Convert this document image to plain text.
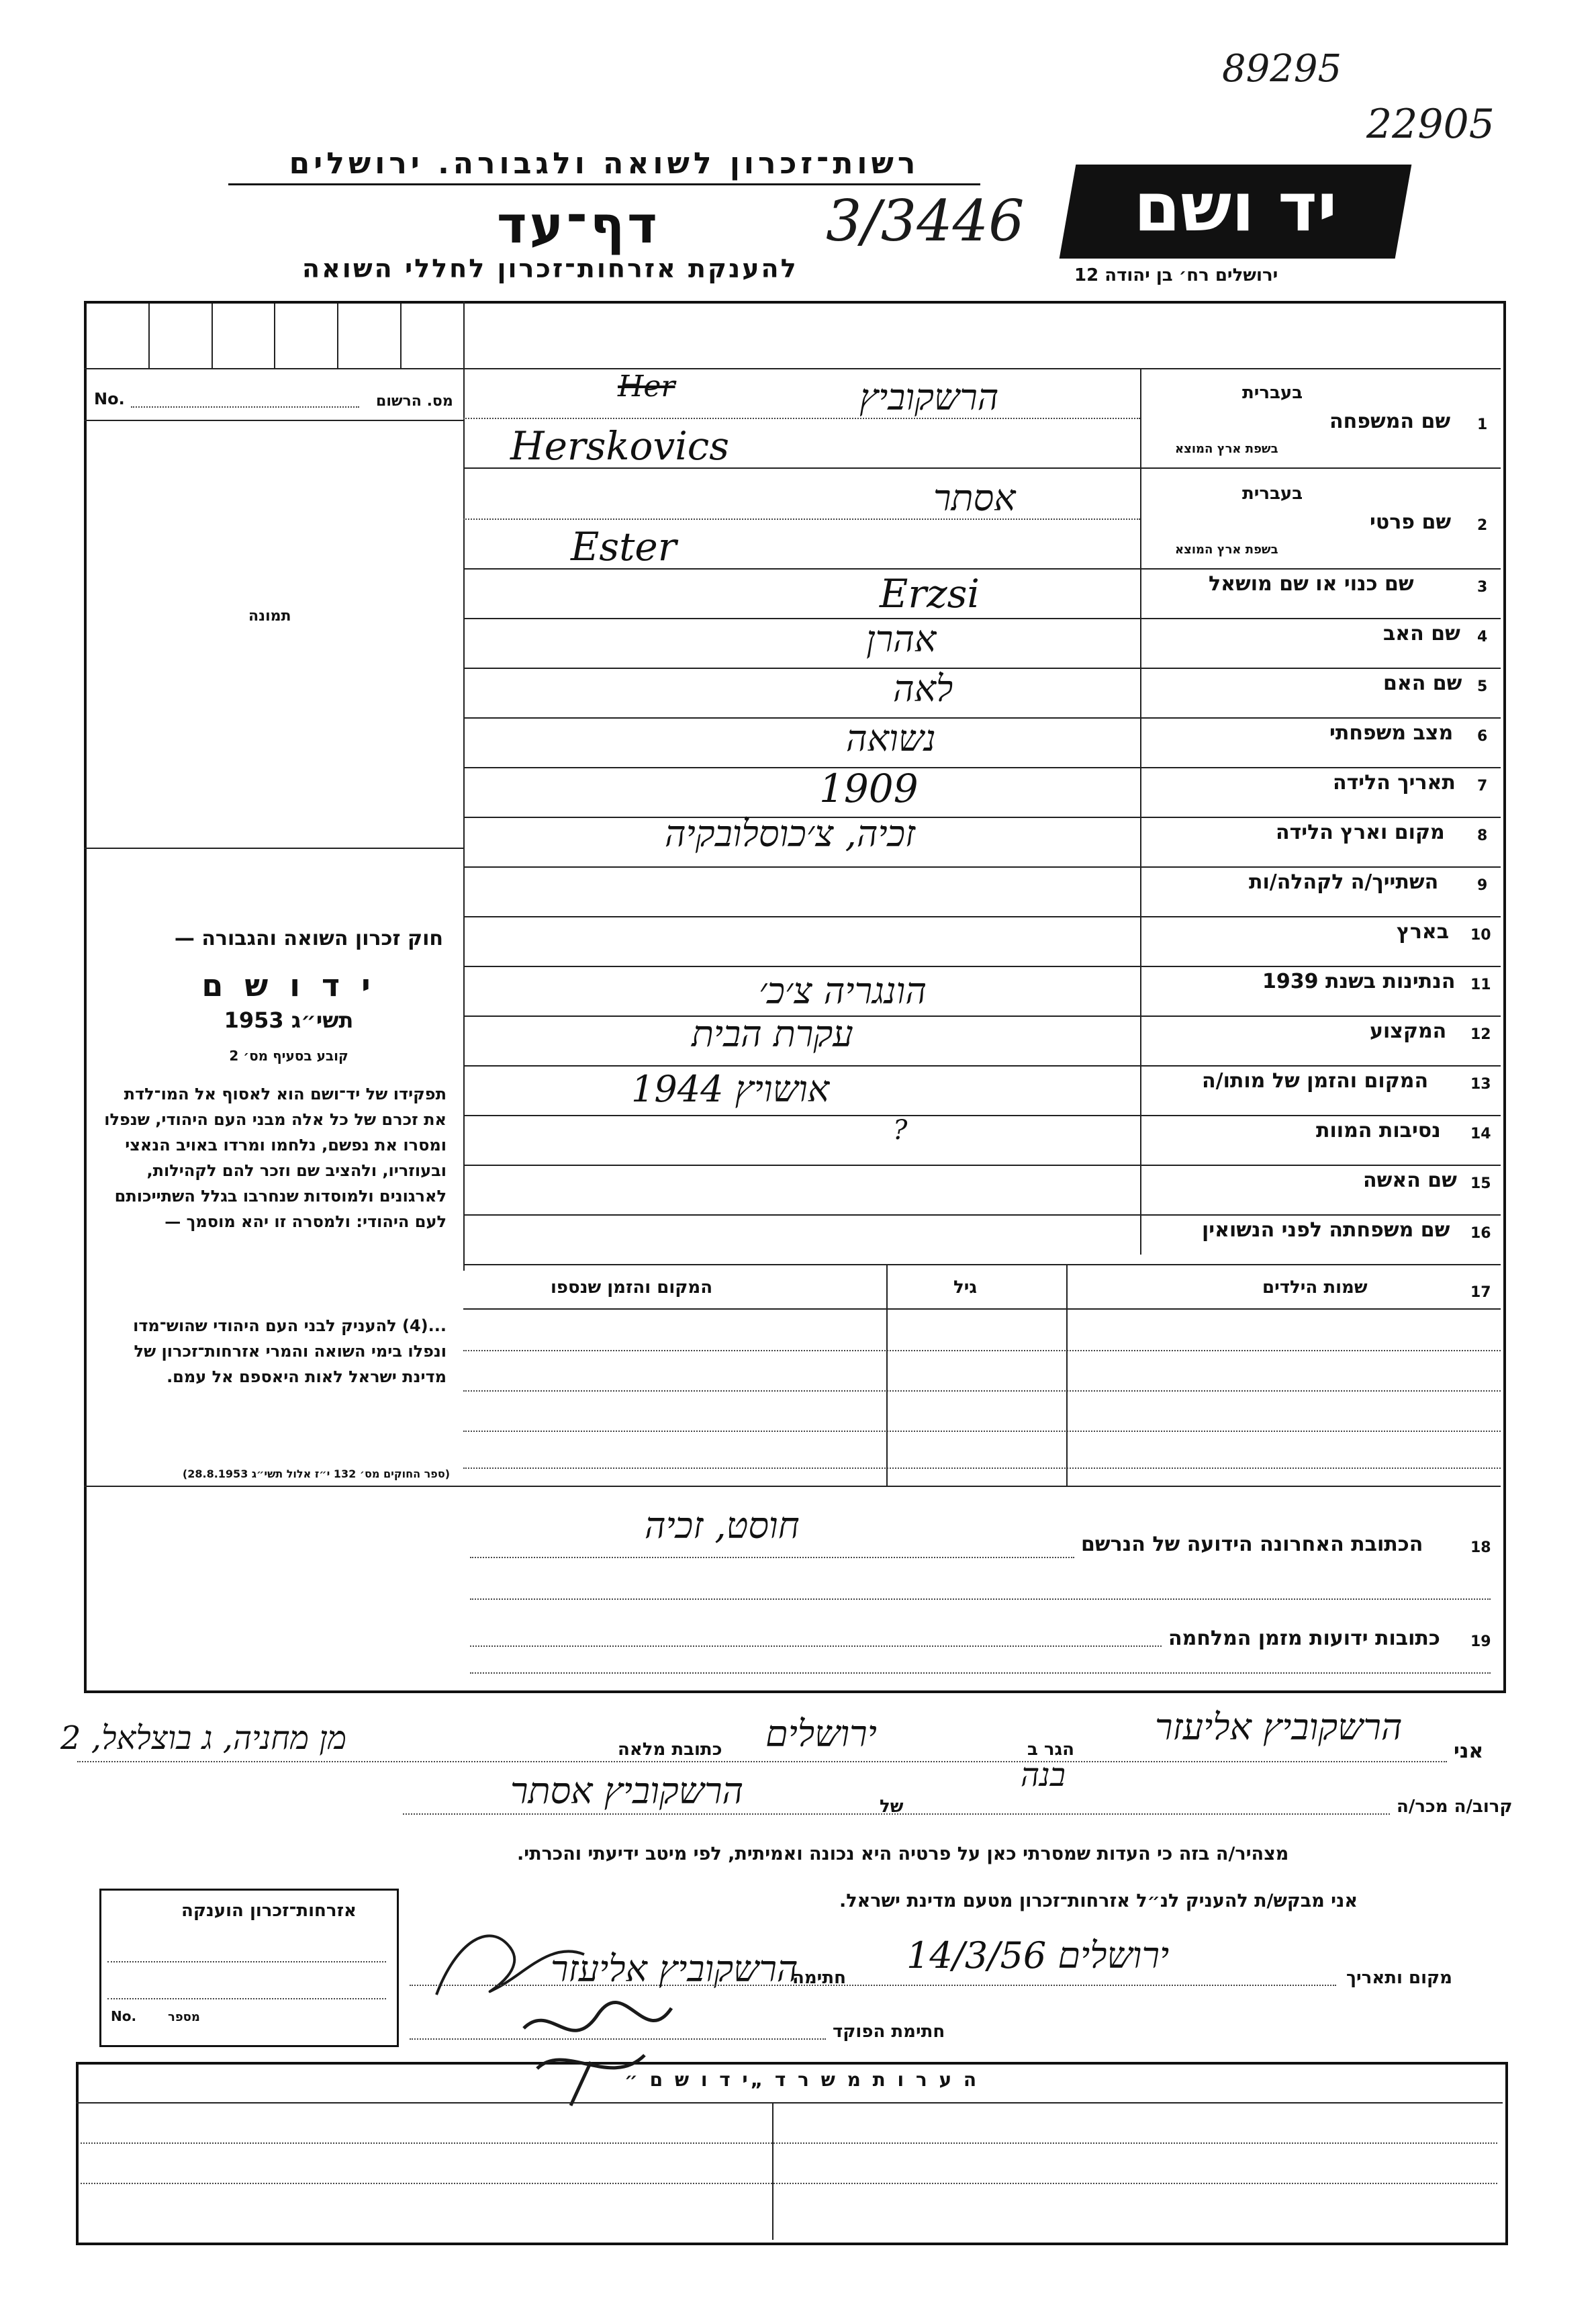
89295
22905
רשות־זכרון לשואה ולגבורה. ירושלים
דף־עד	3/3446
להענקת אזרחות־זכרון לחללי השואה
יד ושם
ירושלים רח׳ בן יהודה 12
No.	מס. הרשום
תמונה
חוק זכרון השואה והגבורה —
י ד ו ש ם
תשי״ג 1953
קובע בסעיף מס׳ 2
תפקידו של יד־ושם הוא לאסוף אל המו־לדת את זכרם של כל אלה מבני העם היהודי, שנפלו ומסרו את נפשם, נלחמו ומרדו באויב הנאצי ובעוזריו, ולהציב שם וזכר להם לקהילות, לארגונים ולמוסדות שנחרבו בגלל השתייכותם לעם היהודי: ולמסרה זו יהא מוסמך —
...(4) להעניק לבני העם היהודי שהוש־מדו ונפלו בימי השואה והמרי אזרחות־זכרון של מדינת ישראל לאות היאספם אל עמם.
(ספר החוקים מס׳ 132 י״ז אלול תשי״ג 28.8.1953)
בעברית
1
שם המשפחה
בשפת ארץ המוצא
הרשקוביץ
Her
Herskovics
בעברית
2
שם פרטי
בשפת ארץ המוצא
אסתר
Ester
3
שם כנוי או שם מושאל
Erzsi
4
שם האב
אהרן
5
שם האם
לאה
6
מצב משפחתי
נשואה
7
תאריך הלידה
1909
8
מקום וארץ הלידה
זכיה, צ׳כוסלובקיה
9
השתייך/ה לקהלה/ות
10
בארץ
11
הנתינות בשנת 1939
הונגריה צ׳כ׳
12
המקצוע
עקרת הבית
13
המקום והזמן של מותו/ה
אושויץ 1944
14
נסיבות המוות
?
15
שם האשה
16
שם משפחתה לפני הנשואין
17
שמות הילדים
גיל
המקום והזמן שנספו
18
הכתובת האחרונה הידועה של הנרשם
חוסט, זכיה
19
כתובות ידועות מזמן המלחמה
אני
הרשקוביץ אליעזר
הגר ב
ירושלים
כתובת מלאה
מן מחניה, ג בוצלאל, 2
קרוב/ה מכר/ה
בנה
של
הרשקוביץ אסתר
מצהיר/ה בזה כי העדות שמסרתי כאן על פרטיה היא נכונה ואמיתית, לפי מיטב ידיעתי והכרתי.
אני מבקש/ת להעניק לנ״ל אזרחות־זכרון מטעם מדינת ישראל.
אזרחות־זכרון הוענקה
No.	מספר
מקום ותאריך
ירושלים 14/3/56
חתימה
הרשקוביץ אליעזר
חתימת הפוקד
ה ע ר ו ת מ ש ר ד „י ד ו ש ם ״
